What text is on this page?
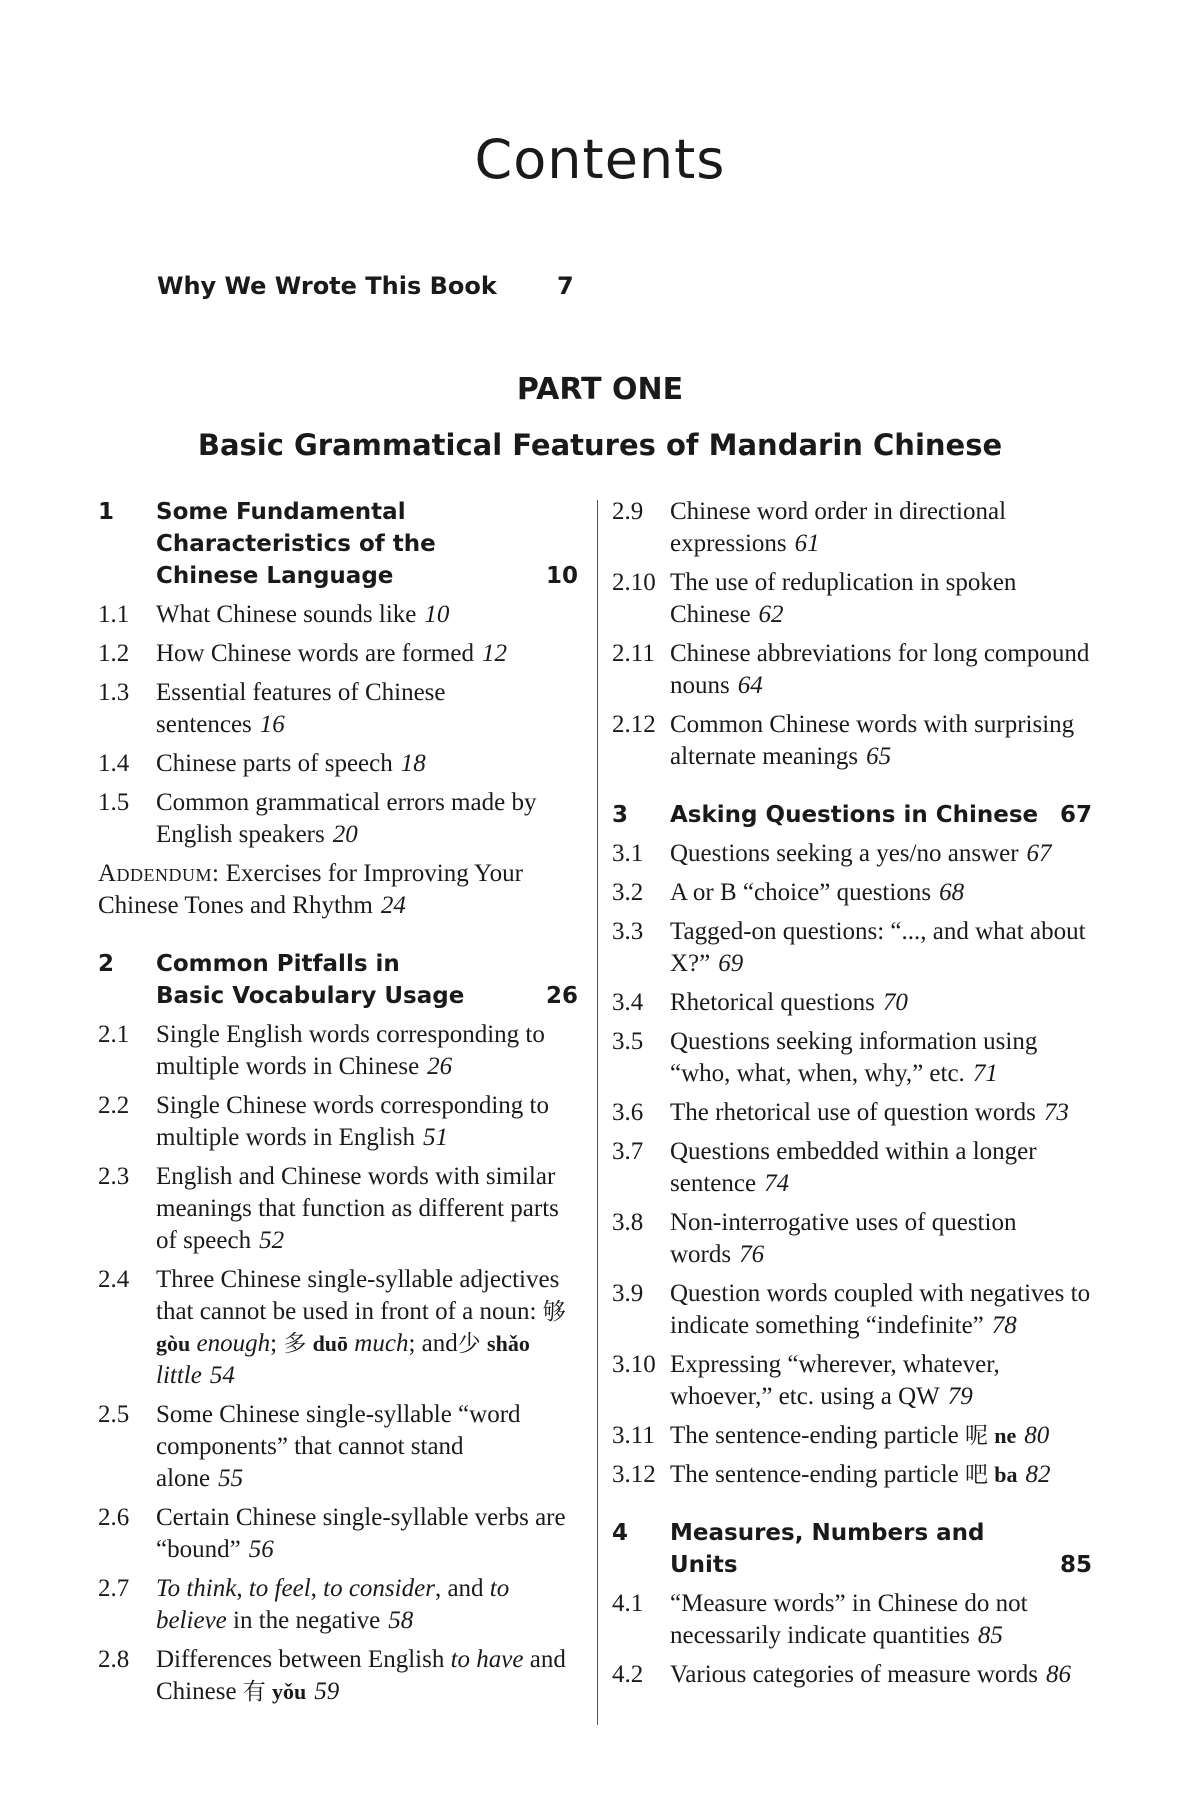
Contents
Why We Wrote This Book	7
PART ONE
Basic Grammatical Features of Mandarin Chinese
1 Some Fundamental Characteristics of the Chinese Language	10
1.1 What Chinese sounds like 10
1.2 How Chinese words are formed 12
1.3 Essential features of Chinese sentences 16
1.4 Chinese parts of speech 18
1.5 Common grammatical errors made by English speakers 20
Addendum: Exercises for Improving Your Chinese Tones and Rhythm 24
2 Common Pitfalls in Basic Vocabulary Usage	26
2.1 Single English words corresponding to multiple words in Chinese 26
2.2 Single Chinese words corresponding to multiple words in English 51
2.3 English and Chinese words with similar meanings that function as different parts of speech 52
2.4 Three Chinese single-syllable adjectives that cannot be used in front of a noun: 够 gòu enough; 多 duō much; and少 shǎo little 54
2.5 Some Chinese single-syllable “word components” that cannot stand alone 55
2.6 Certain Chinese single-syllable verbs are “bound” 56
2.7 To think, to feel, to consider, and to believe in the negative 58
2.8 Differences between English to have and Chinese 有 yǒu 59
2.9 Chinese word order in directional expressions 61
2.10 The use of reduplication in spoken Chinese 62
2.11 Chinese abbreviations for long compound nouns 64
2.12 Common Chinese words with surprising alternate meanings 65
3 Asking Questions in Chinese 67
3.1 Questions seeking a yes/no answer 67
3.2 A or B “choice” questions 68
3.3 Tagged-on questions: “..., and what about X?” 69
3.4 Rhetorical questions 70
3.5 Questions seeking information using “who, what, when, why,” etc. 71
3.6 The rhetorical use of question words 73
3.7 Questions embedded within a longer sentence 74
3.8 Non-interrogative uses of question words 76
3.9 Question words coupled with negatives to indicate something “indefinite” 78
3.10 Expressing “wherever, whatever, whoever,” etc. using a QW 79
3.11 The sentence-ending particle 呢 ne 80
3.12 The sentence-ending particle 吧 ba 82
4 Measures, Numbers and Units	85
4.1 “Measure words” in Chinese do not necessarily indicate quantities 85
4.2 Various categories of measure words 86
